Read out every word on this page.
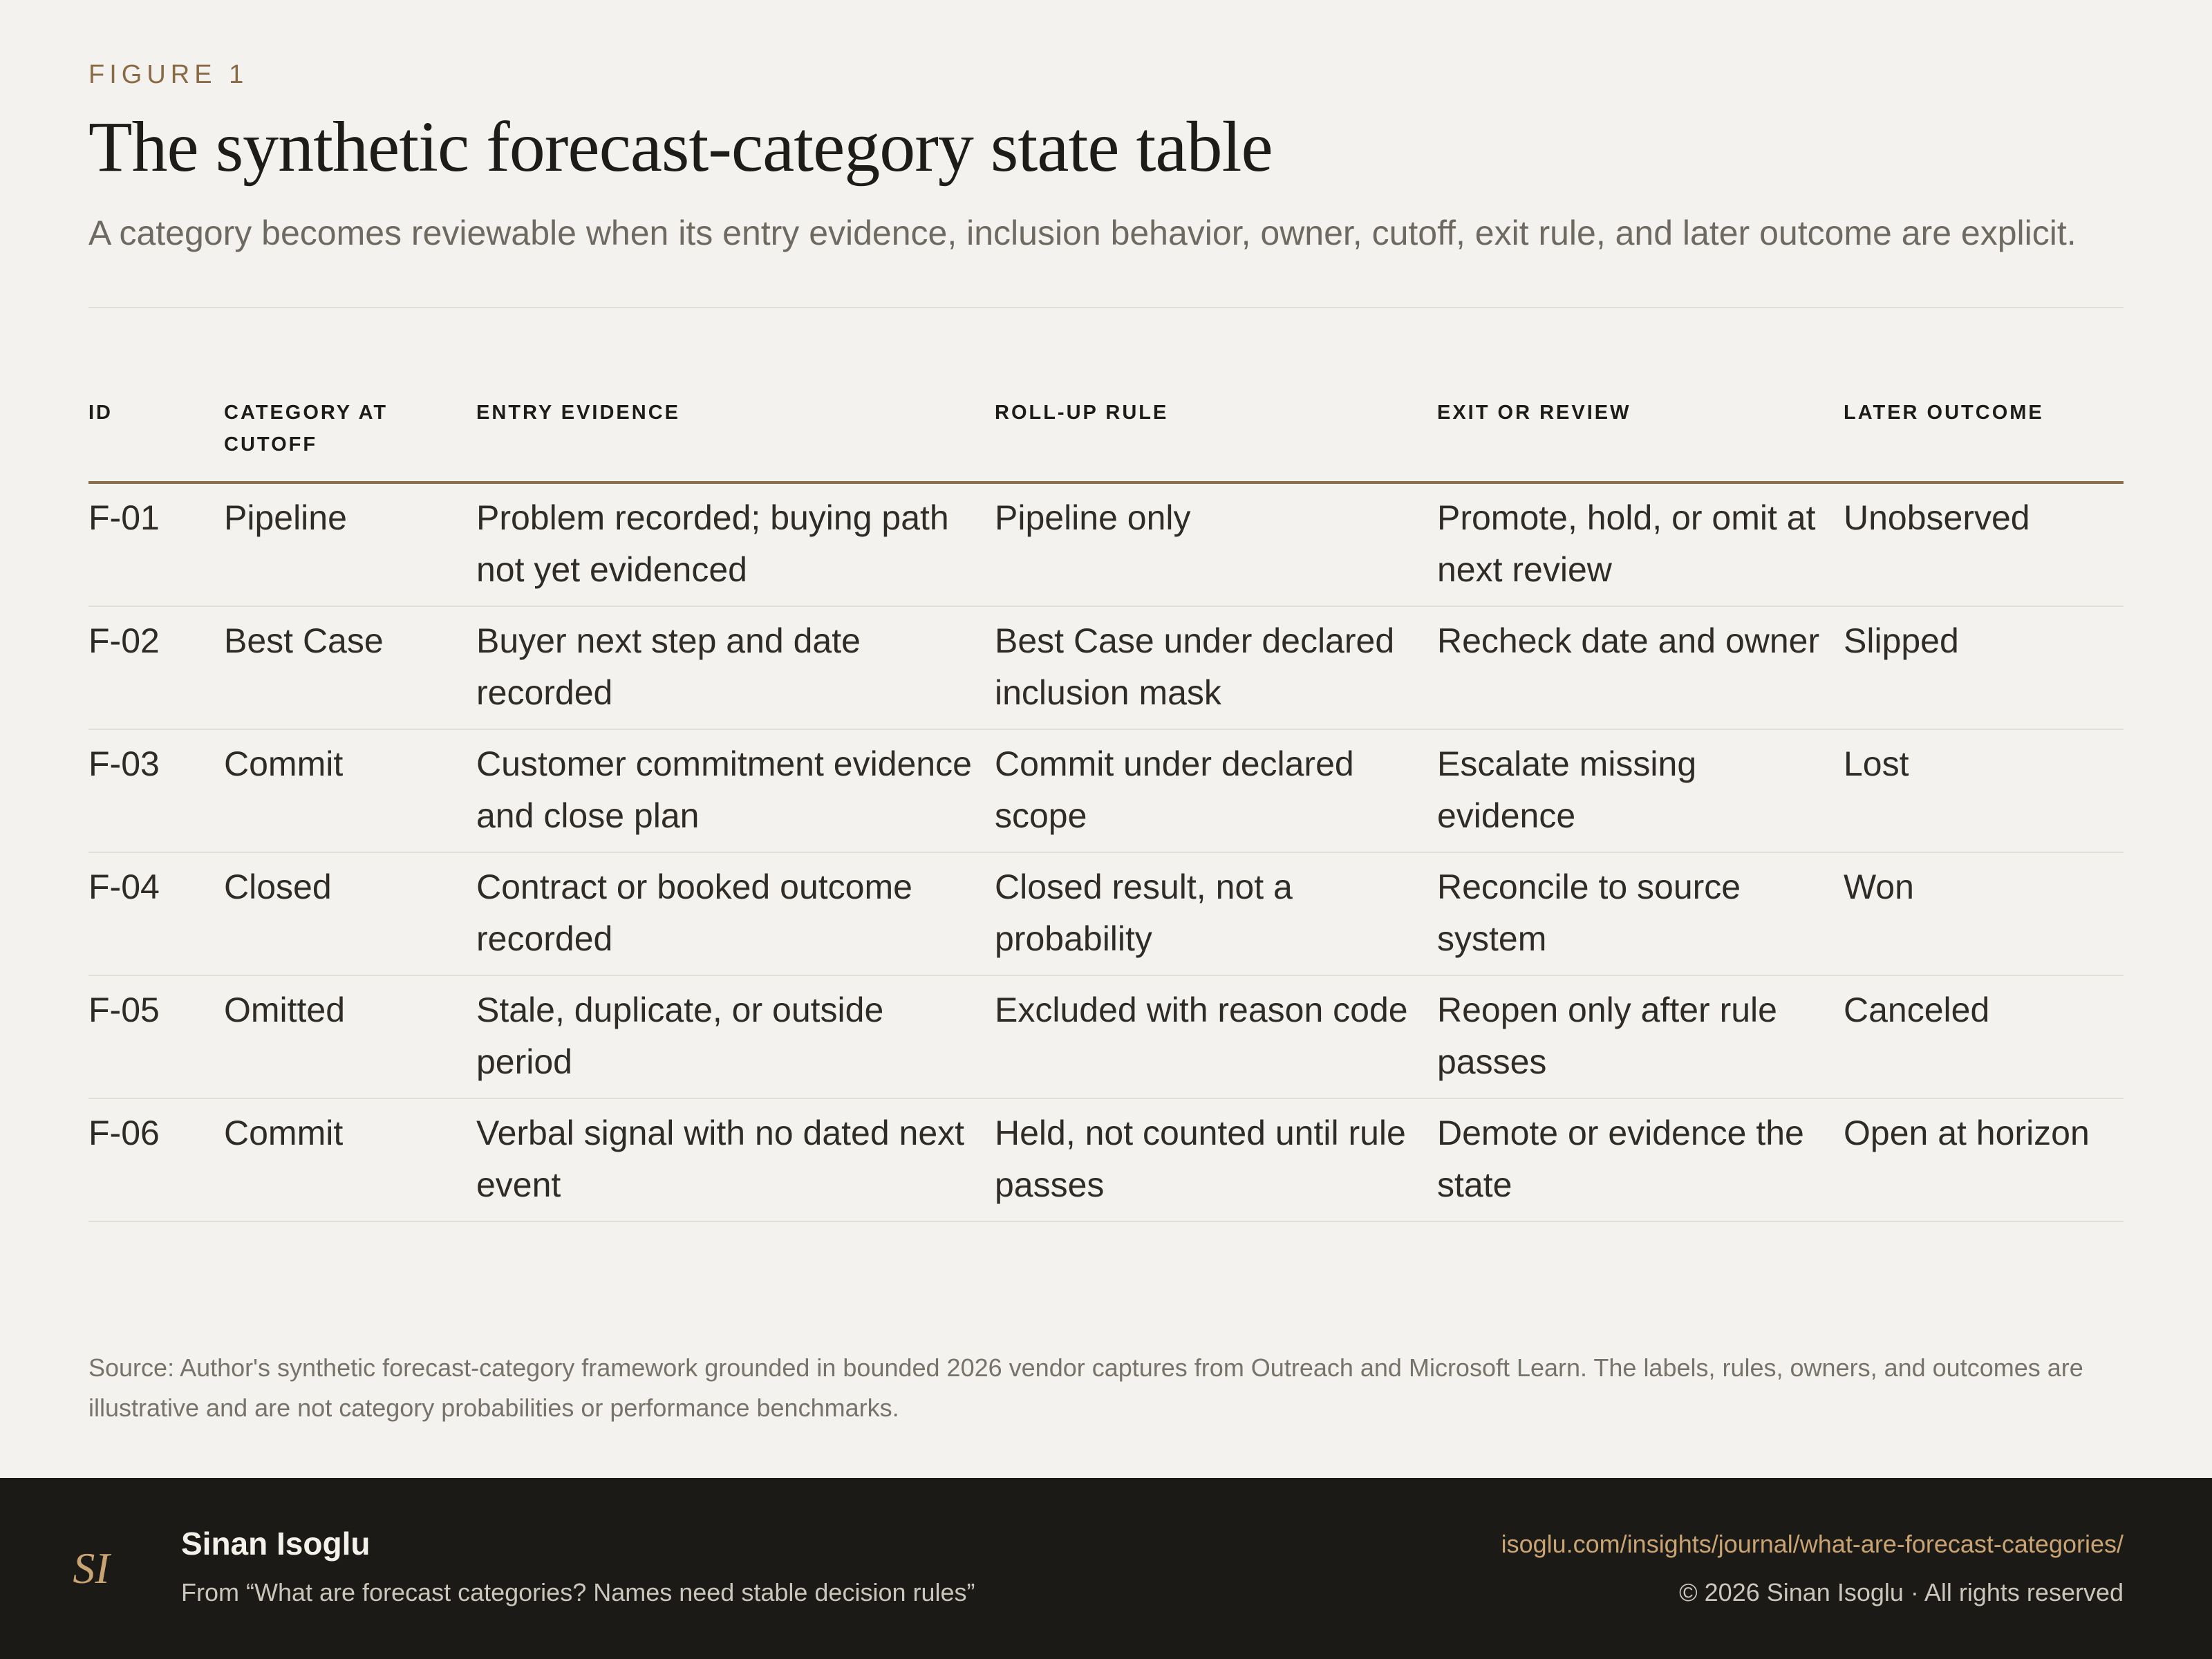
FIGURE 1

The synthetic forecast-category state table

A category becomes reviewable when its entry evidence, inclusion behavior, owner, cutoff, exit rule, and later outcome are explicit.

ID	CATEGORY AT CUTOFF	ENTRY EVIDENCE	ROLL-UP RULE	EXIT OR REVIEW	LATER OUTCOME
F-01	Pipeline	Problem recorded; buying path not yet evidenced	Pipeline only	Promote, hold, or omit at next review	Unobserved
F-02	Best Case	Buyer next step and date recorded	Best Case under declared inclusion mask	Recheck date and owner	Slipped
F-03	Commit	Customer commitment evidence and close plan	Commit under declared scope	Escalate missing evidence	Lost
F-04	Closed	Contract or booked outcome recorded	Closed result, not a probability	Reconcile to source system	Won
F-05	Omitted	Stale, duplicate, or outside period	Excluded with reason code	Reopen only after rule passes	Canceled
F-06	Commit	Verbal signal with no dated next event	Held, not counted until rule passes	Demote or evidence the state	Open at horizon

Source: Author's synthetic forecast-category framework grounded in bounded 2026 vendor captures from Outreach and Microsoft Learn. The labels, rules, owners, and outcomes are illustrative and are not category probabilities or performance benchmarks.

SI Sinan Isoglu
From “What are forecast categories? Names need stable decision rules”
isoglu.com/insights/journal/what-are-forecast-categories/
© 2026 Sinan Isoglu · All rights reserved
